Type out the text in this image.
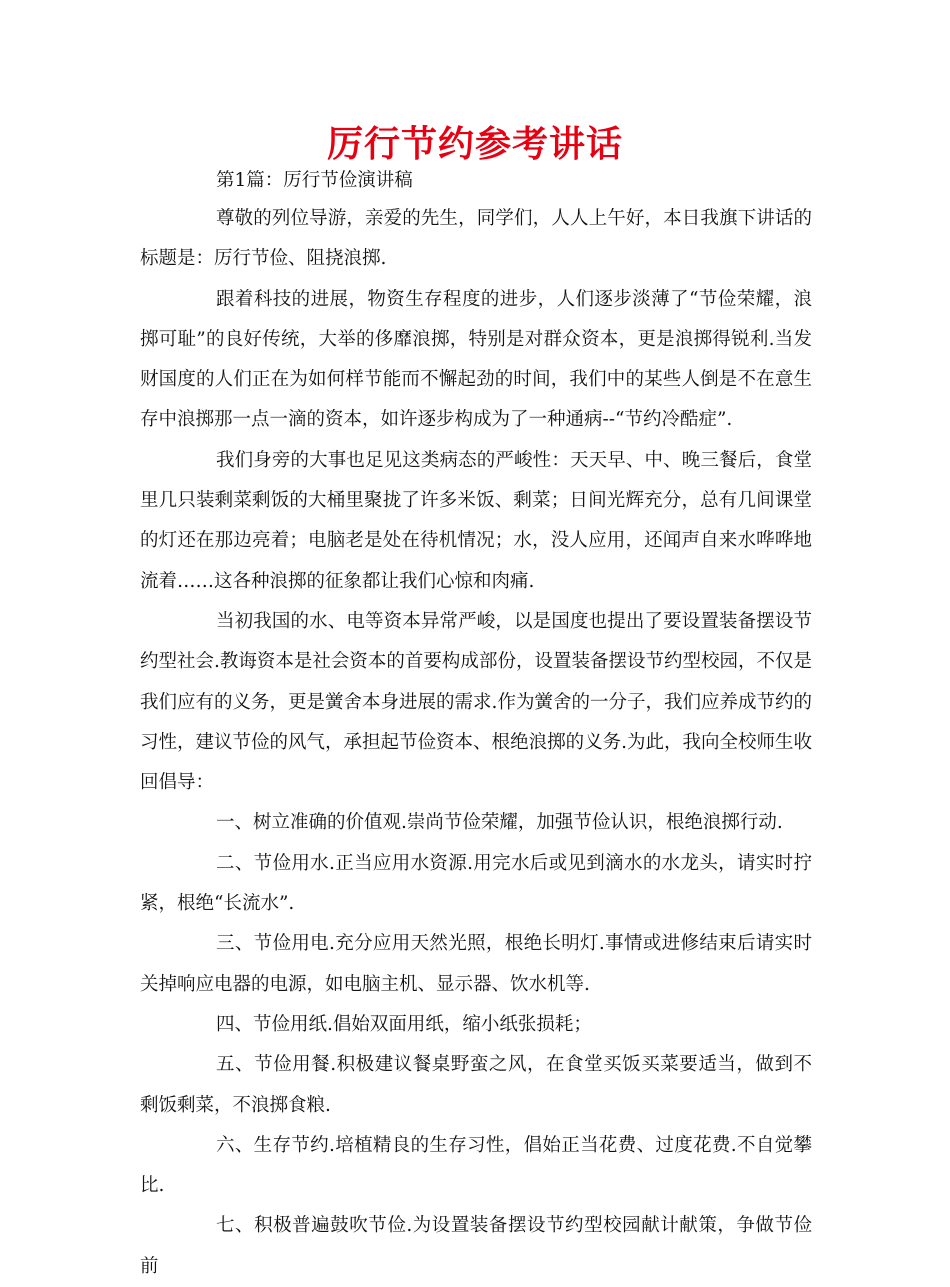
厉行节约参考讲话

第1篇：厉行节俭演讲稿

尊敬的列位导游，亲爱的先生，同学们，人人上午好，本日我旗下讲话的标题是：厉行节俭、阻挠浪掷.

跟着科技的进展，物资生存程度的进步，人们逐步淡薄了“节俭荣耀，浪掷可耻”的良好传统，大举的侈靡浪掷，特别是对群众资本，更是浪掷得锐利.当发财国度的人们正在为如何样节能而不懈起劲的时间，我们中的某些人倒是不在意生存中浪掷那一点一滴的资本，如许逐步构成为了一种通病--“节约冷酷症”.

我们身旁的大事也足见这类病态的严峻性：天天早、中、晚三餐后，食堂里几只装剩菜剩饭的大桶里聚拢了许多米饭、剩菜；日间光辉充分，总有几间课堂的灯还在那边亮着；电脑老是处在待机情况；水，没人应用，还闻声自来水哗哗地流着……这各种浪掷的征象都让我们心惊和肉痛.

当初我国的水、电等资本异常严峻，以是国度也提出了要设置装备摆设节约型社会.教诲资本是社会资本的首要构成部份，设置装备摆设节约型校园，不仅是我们应有的义务，更是黉舍本身进展的需求.作为黉舍的一分子，我们应养成节约的习性，建议节俭的风气，承担起节俭资本、根绝浪掷的义务.为此，我向全校师生收回倡导：

一、树立准确的价值观.崇尚节俭荣耀，加强节俭认识，根绝浪掷行动.

二、节俭用水.正当应用水资源.用完水后或见到滴水的水龙头，请实时拧紧，根绝“长流水”.

三、节俭用电.充分应用天然光照，根绝长明灯.事情或进修结束后请实时关掉响应电器的电源，如电脑主机、显示器、饮水机等.

四、节俭用纸.倡始双面用纸，缩小纸张损耗；

五、节俭用餐.积极建议餐桌野蛮之风，在食堂买饭买菜要适当，做到不剩饭剩菜，不浪掷食粮.

六、生存节约.培植精良的生存习性，倡始正当花费、过度花费.不自觉攀比.

七、积极普遍鼓吹节俭.为设置装备摆设节约型校园献计献策，争做节俭前
